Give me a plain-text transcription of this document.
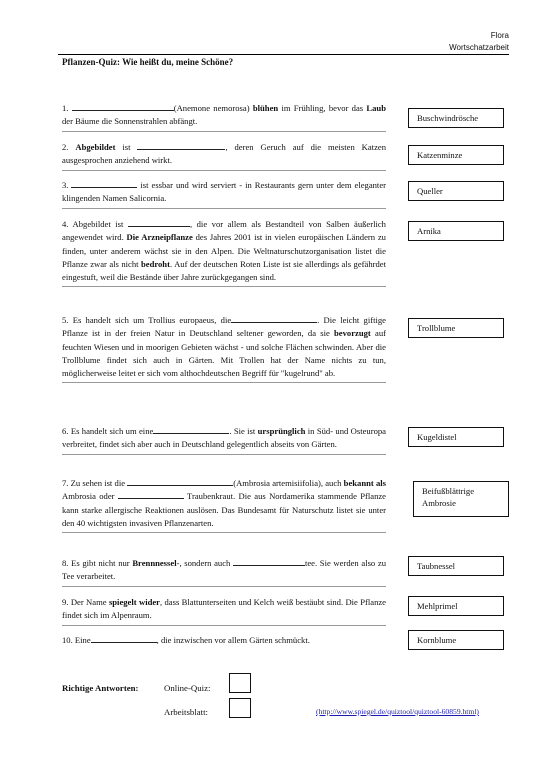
Flora
Wortschatzarbeit
Pflanzen-Quiz: Wie heißt du, meine Schöne?
1.	(Anemone nemorosa) blühen im Frühling, bevor das Laub der Bäume die Sonnenstrahlen abfängt.	Buschwindrösche
2. Abgebildet ist	, deren Geruch auf die meisten Katzen ausgesprochen anziehend wirkt.
Katzenminze
3.	ist essbar und wird serviert - in Restaurants gern unter dem eleganter klingenden Namen Salicornia.
Queller
4. Abgebildet ist	, die vor allem als Bestandteil von Salben äußerlich angewendet wird. Die Arzneipflanze des Jahres 2001 ist in vielen europäischen Ländern zu finden, unter anderem wächst sie in den Alpen. Die Weltnaturschutzorganisation listet die Pflanze zwar als nicht bedroht. Auf der deutschen Roten Liste ist sie allerdings als gefährdet eingestuft, weil die Bestände über Jahre zurückgegangen sind.
Arnika
5. Es handelt sich um Trollius europaeus, die	. Die leicht giftige Pflanze ist in der freien Natur in Deutschland seltener geworden, da sie bevorzugt auf feuchten Wiesen und in moorigen Gebieten wächst - und solche Flächen schwinden. Aber die Trollblume findet sich auch in Gärten. Mit Trollen hat der Name nichts zu tun, möglicherweise leitet er sich vom althochdeutschen Begriff für "kugelrund" ab.
Trollblume
6. Es handelt sich um eine	. Sie ist ursprünglich in Süd- und Osteuropa verbreitet, findet sich aber auch in Deutschland gelegentlich abseits von Gärten.
Kugeldistel
7. Zu sehen ist die	(Ambrosia artemisiifolia), auch bekannt als Ambrosia oder	Traubenkraut. Die aus Nordamerika stammende Pflanze kann starke allergische Reaktionen auslösen. Das Bundesamt für Naturschutz listet sie unter den 40 wichtigsten invasiven Pflanzenarten.
Beifußblättrige Ambrosie
8. Es gibt nicht nur Brennnessel-, sondern auch	tee. Sie werden also zu Tee verarbeitet.
Taubnessel
9. Der Name spiegelt wider, dass Blattunterseiten und Kelch weiß bestäubt sind. Die Pflanze findet sich im Alpenraum.
Mehlprimel
10. Eine	, die inzwischen vor allem Gärten schmückt.	Kornblume
Richtige Antworten:	Online-Quiz:
Arbeitsblatt:	(http://www.spiegel.de/quiztool/quiztool-60859.html)
